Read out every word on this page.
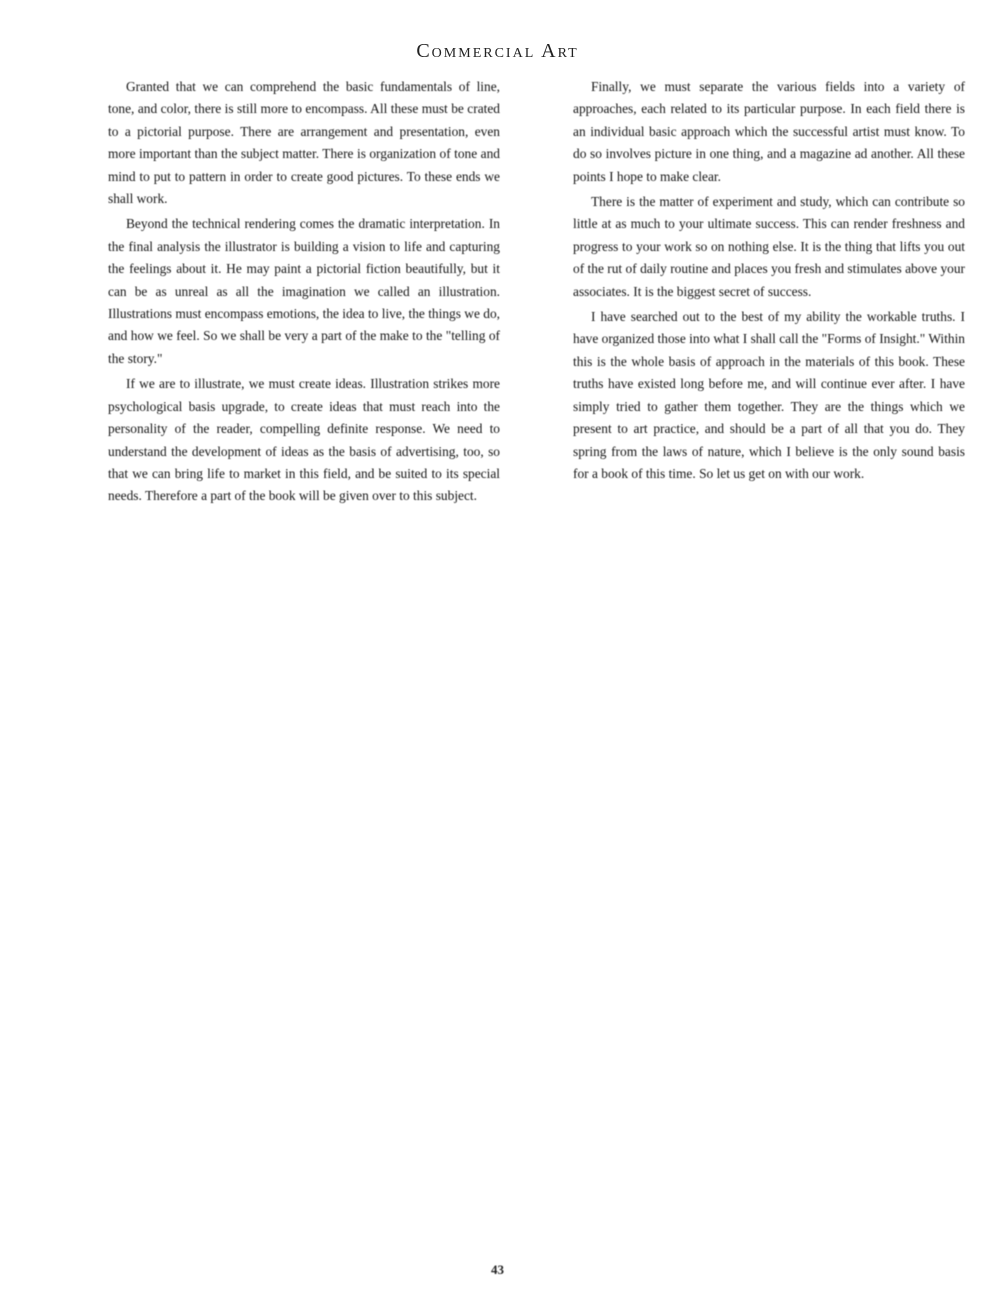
Commercial Art

Granted that we can comprehend the basic fundamentals of line, tone, and color, there is still more to encompass. All these must be crated to a pictorial purpose. There are arrangement and presentation, even more important than the subject matter. There is organization of tone and mind to put to pattern in order to create good pictures. To these ends we shall work.

Beyond the technical rendering comes the dramatic interpretation. In the final analysis the illustrator is building a vision to life and capturing the feelings about it. He may paint a pictorial fiction beautifully, but it can be as unreal as all the imagination we called an illustration. Illustrations must encompass emotions, the idea to live, the things we do, and how we feel. So we shall be very a part of the make to the "telling of the story."

If we are to illustrate, we must create ideas. Illustration strikes more psychological basis upgrade, to create ideas that must reach into the personality of the reader, compelling definite response. We need to understand the development of ideas as the basis of advertising, too, so that we can bring life to market in this field, and be suited to its special needs. Therefore a part of the book will be given over to this subject.

Finally, we must separate the various fields into a variety of approaches, each related to its particular purpose. In each field there is an individual basic approach which the successful artist must know. To do so involves picture in one thing, and a magazine ad another. All these points I hope to make clear.

There is the matter of experiment and study, which can contribute so little at as much to your ultimate success. This can render freshness and progress to your work so on nothing else. It is the thing that lifts you out of the rut of daily routine and places you fresh and stimulates above your associates. It is the biggest secret of success.

I have searched out to the best of my ability the workable truths. I have organized those into what I shall call the "Forms of Insight." Within this is the whole basis of approach in the materials of this book. These truths have existed long before me, and will continue ever after. I have simply tried to gather them together. They are the things which we present to art practice, and should be a part of all that you do. They spring from the laws of nature, which I believe is the only sound basis for a book of this time. So let us get on with our work.

43
